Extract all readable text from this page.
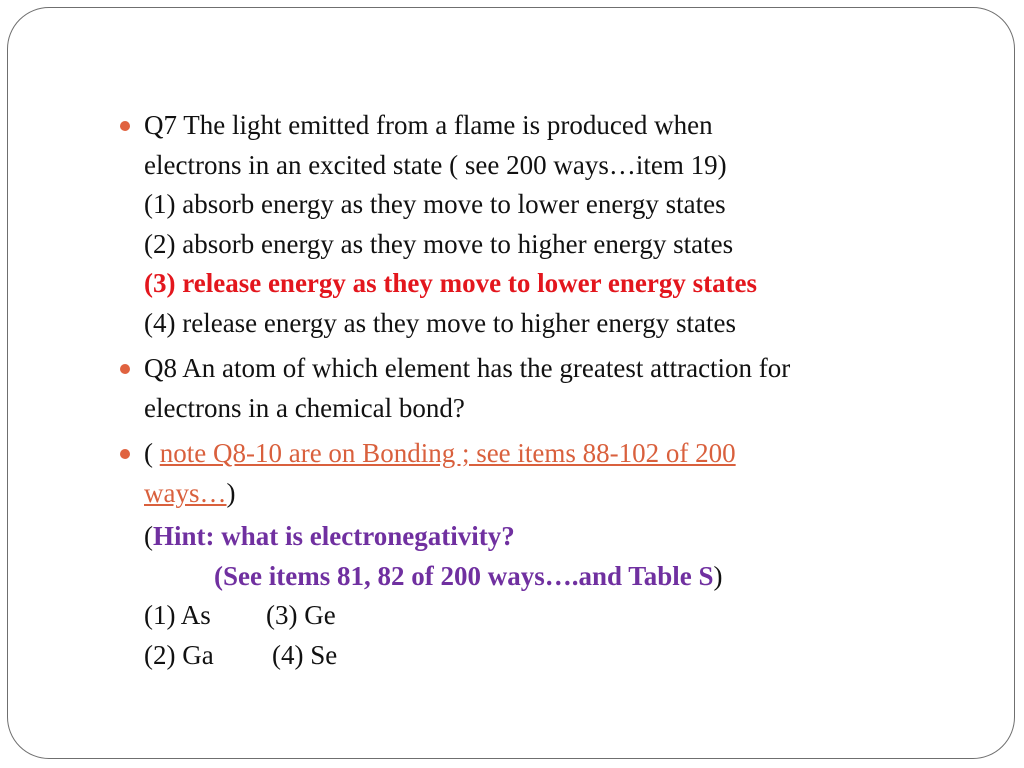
Q7 The light emitted from a flame is produced when
electrons in an excited state ( see 200 ways…item 19)
(1) absorb energy as they move to lower energy states
(2) absorb energy as they move to higher energy states
(3) release energy as they move to lower energy states
(4) release energy as they move to higher energy states
Q8 An atom of which element has the greatest attraction for
electrons in a chemical bond?
( note Q8-10 are on Bonding ; see items 88-102 of 200
ways…)
(Hint: what is electronegativity?
(See items 81, 82 of 200 ways….and Table S)
(1) As (3) Ge
(2) Ga (4) Se
